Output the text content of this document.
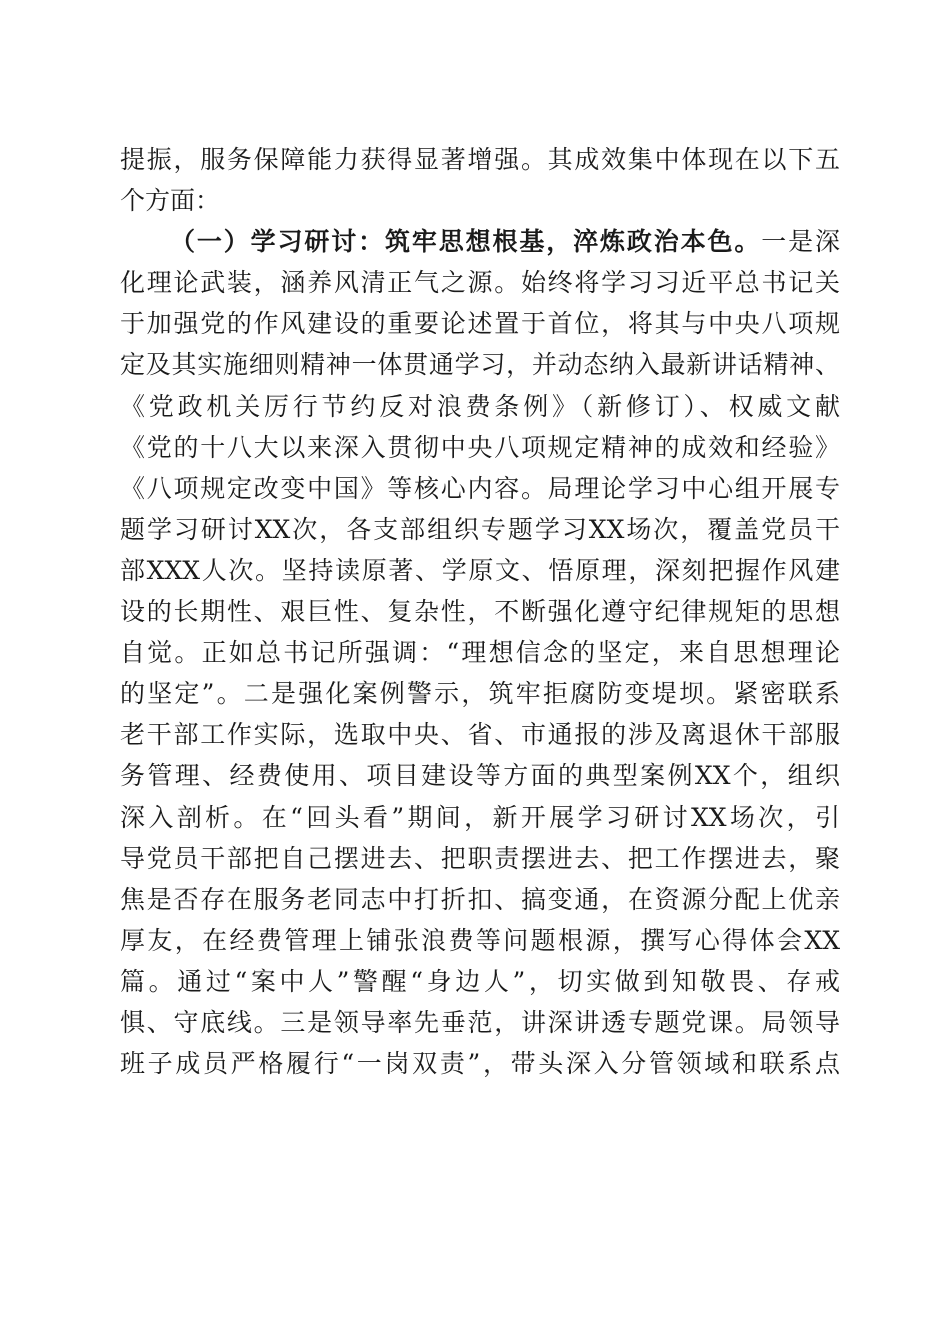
提振，服务保障能力获得显著增强。其成效集中体现在以下五
个方面：
（一）学习研讨：筑牢思想根基，淬炼政治本色。一是深
化理论武装，涵养风清正气之源。始终将学习习近平总书记关
于加强党的作风建设的重要论述置于首位，将其与中央八项规
定及其实施细则精神一体贯通学习，并动态纳入最新讲话精神、
《党政机关厉行节约反对浪费条例》（新修订）、权威文献
《党的十八大以来深入贯彻中央八项规定精神的成效和经验》
《八项规定改变中国》等核心内容。局理论学习中心组开展专
题学习研讨XX次，各支部组织专题学习XX场次，覆盖党员干
部XXX人次。坚持读原著、学原文、悟原理，深刻把握作风建
设的长期性、艰巨性、复杂性，不断强化遵守纪律规矩的思想
自觉。正如总书记所强调：“理想信念的坚定，来自思想理论
的坚定”。二是强化案例警示，筑牢拒腐防变堤坝。紧密联系
老干部工作实际，选取中央、省、市通报的涉及离退休干部服
务管理、经费使用、项目建设等方面的典型案例XX个，组织
深入剖析。在“回头看”期间，新开展学习研讨XX场次，引
导党员干部把自己摆进去、把职责摆进去、把工作摆进去，聚
焦是否存在服务老同志中打折扣、搞变通，在资源分配上优亲
厚友，在经费管理上铺张浪费等问题根源，撰写心得体会XX
篇。通过“案中人”警醒“身边人”，切实做到知敬畏、存戒
惧、守底线。三是领导率先垂范，讲深讲透专题党课。局领导
班子成员严格履行“一岗双责”，带头深入分管领域和联系点
